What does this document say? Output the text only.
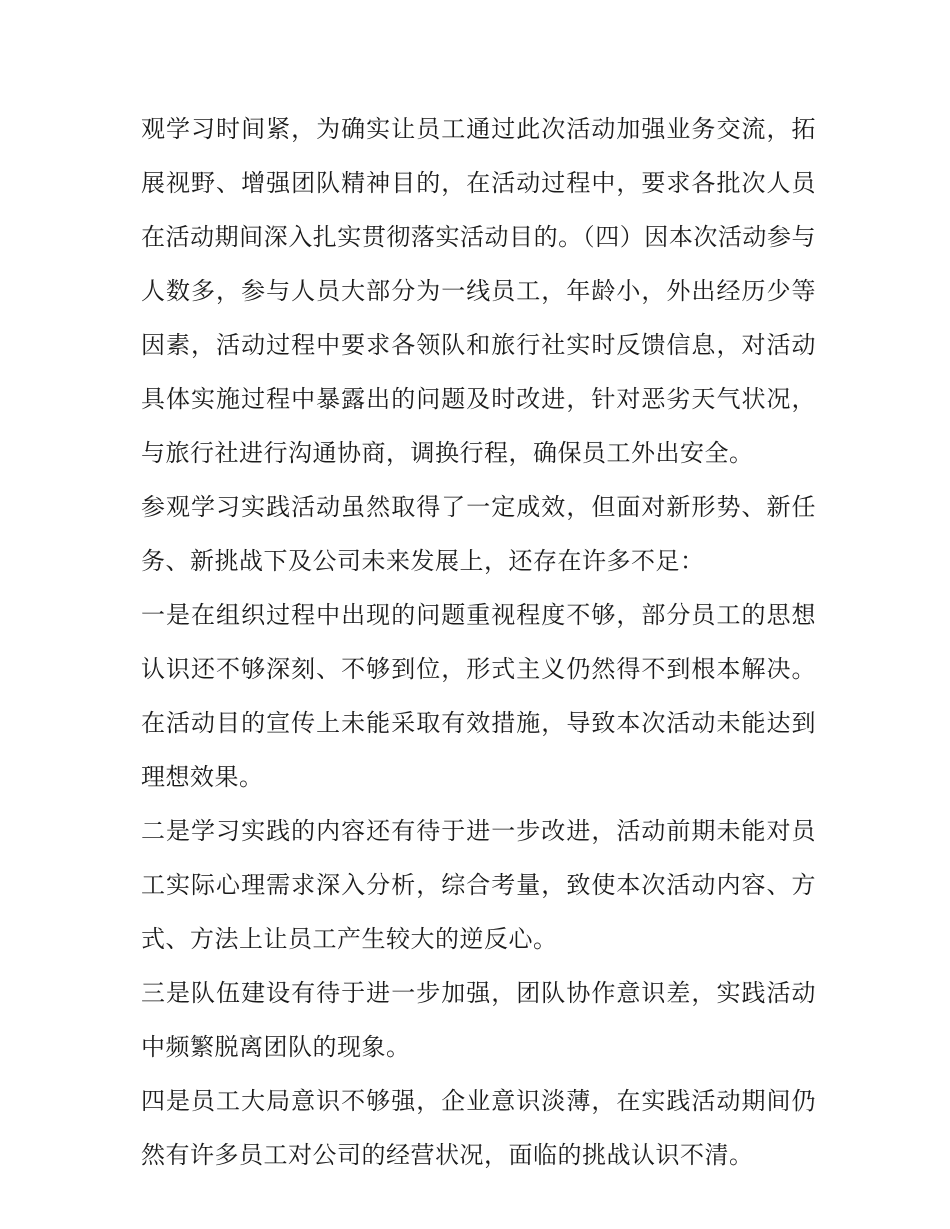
观学习时间紧，为确实让员工通过此次活动加强业务交流，拓展视野、增强团队精神目的，在活动过程中，要求各批次人员在活动期间深入扎实贯彻落实活动目的。（四）因本次活动参与人数多，参与人员大部分为一线员工，年龄小，外出经历少等因素，活动过程中要求各领队和旅行社实时反馈信息，对活动具体实施过程中暴露出的问题及时改进，针对恶劣天气状况，与旅行社进行沟通协商，调换行程，确保员工外出安全。

参观学习实践活动虽然取得了一定成效，但面对新形势、新任务、新挑战下及公司未来发展上，还存在许多不足：

一是在组织过程中出现的问题重视程度不够，部分员工的思想认识还不够深刻、不够到位，形式主义仍然得不到根本解决。在活动目的宣传上未能采取有效措施，导致本次活动未能达到理想效果。

二是学习实践的内容还有待于进一步改进，活动前期未能对员工实际心理需求深入分析，综合考量，致使本次活动内容、方式、方法上让员工产生较大的逆反心。

三是队伍建设有待于进一步加强，团队协作意识差，实践活动中频繁脱离团队的现象。

四是员工大局意识不够强，企业意识淡薄，在实践活动期间仍然有许多员工对公司的经营状况，面临的挑战认识不清。
